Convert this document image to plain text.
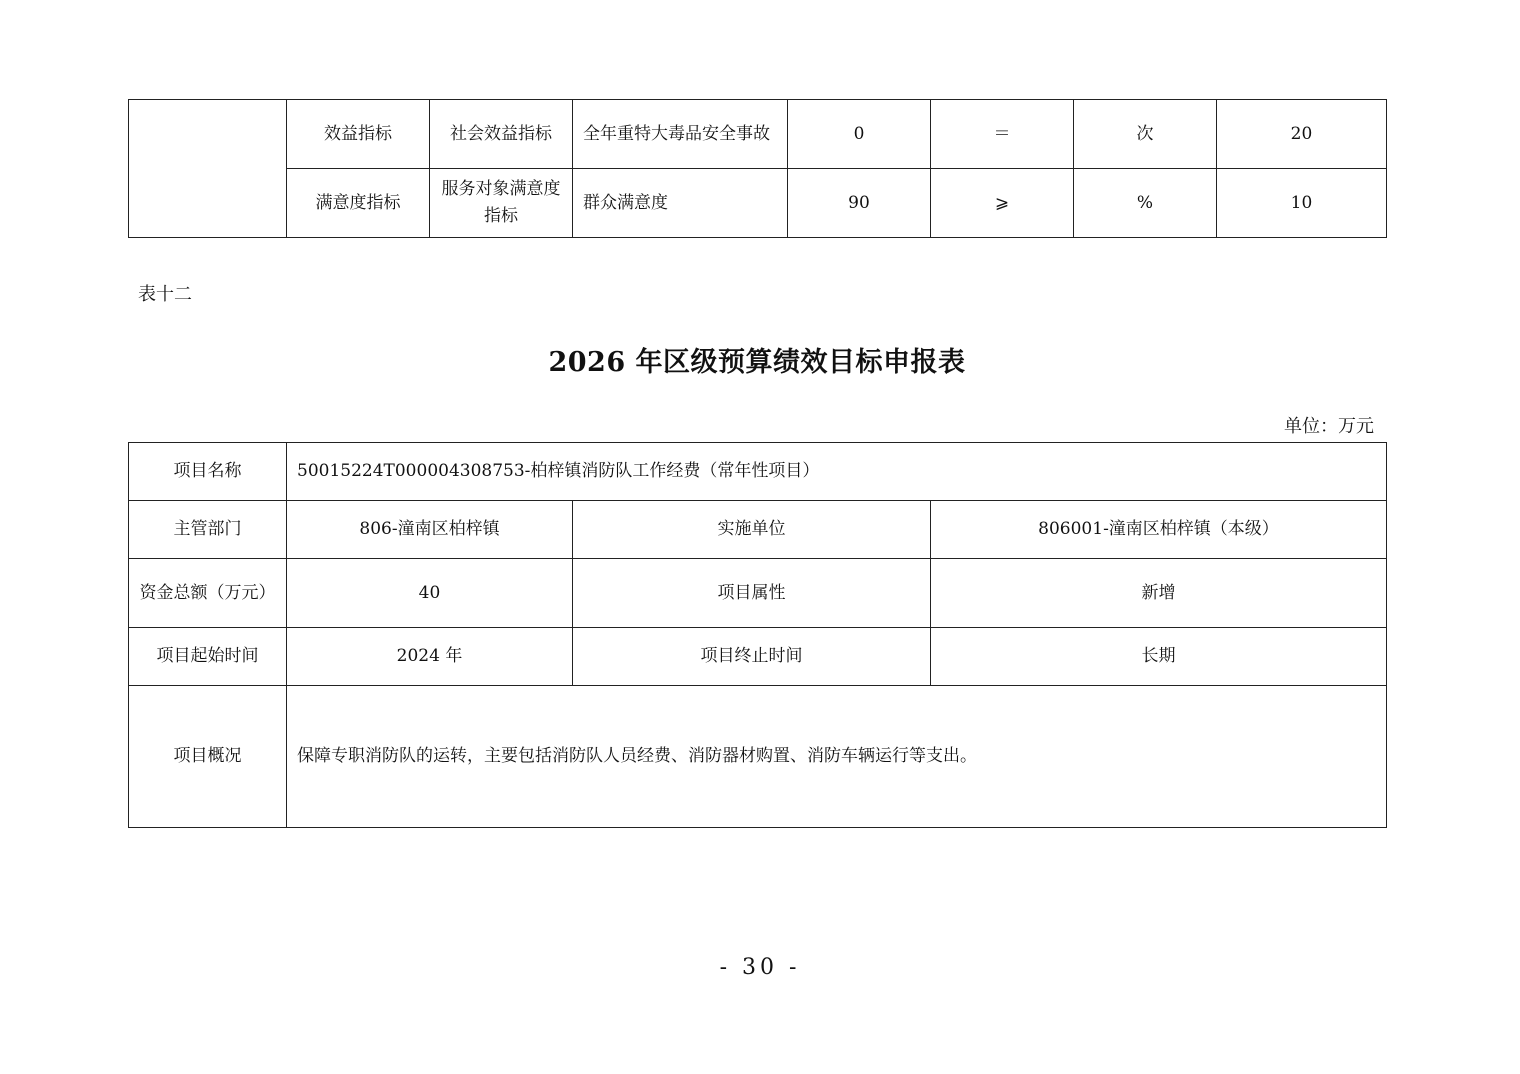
	效益指标	社会效益指标	全年重特大毒品安全事故	0	＝	次	20
	满意度指标	服务对象满意度指标	群众满意度	90	⩾	%	10
表十二
2026 年区级预算绩效目标申报表
单位：万元
项目名称	50015224T000004308753-柏梓镇消防队工作经费（常年性项目）		
主管部门	806-潼南区柏梓镇	实施单位	806001-潼南区柏梓镇（本级）
资金总额（万元）	40	项目属性	新增
项目起始时间	2024 年	项目终止时间	长期
项目概况	保障专职消防队的运转，主要包括消防队人员经费、消防器材购置、消防车辆运行等支出。		
- 30 -
